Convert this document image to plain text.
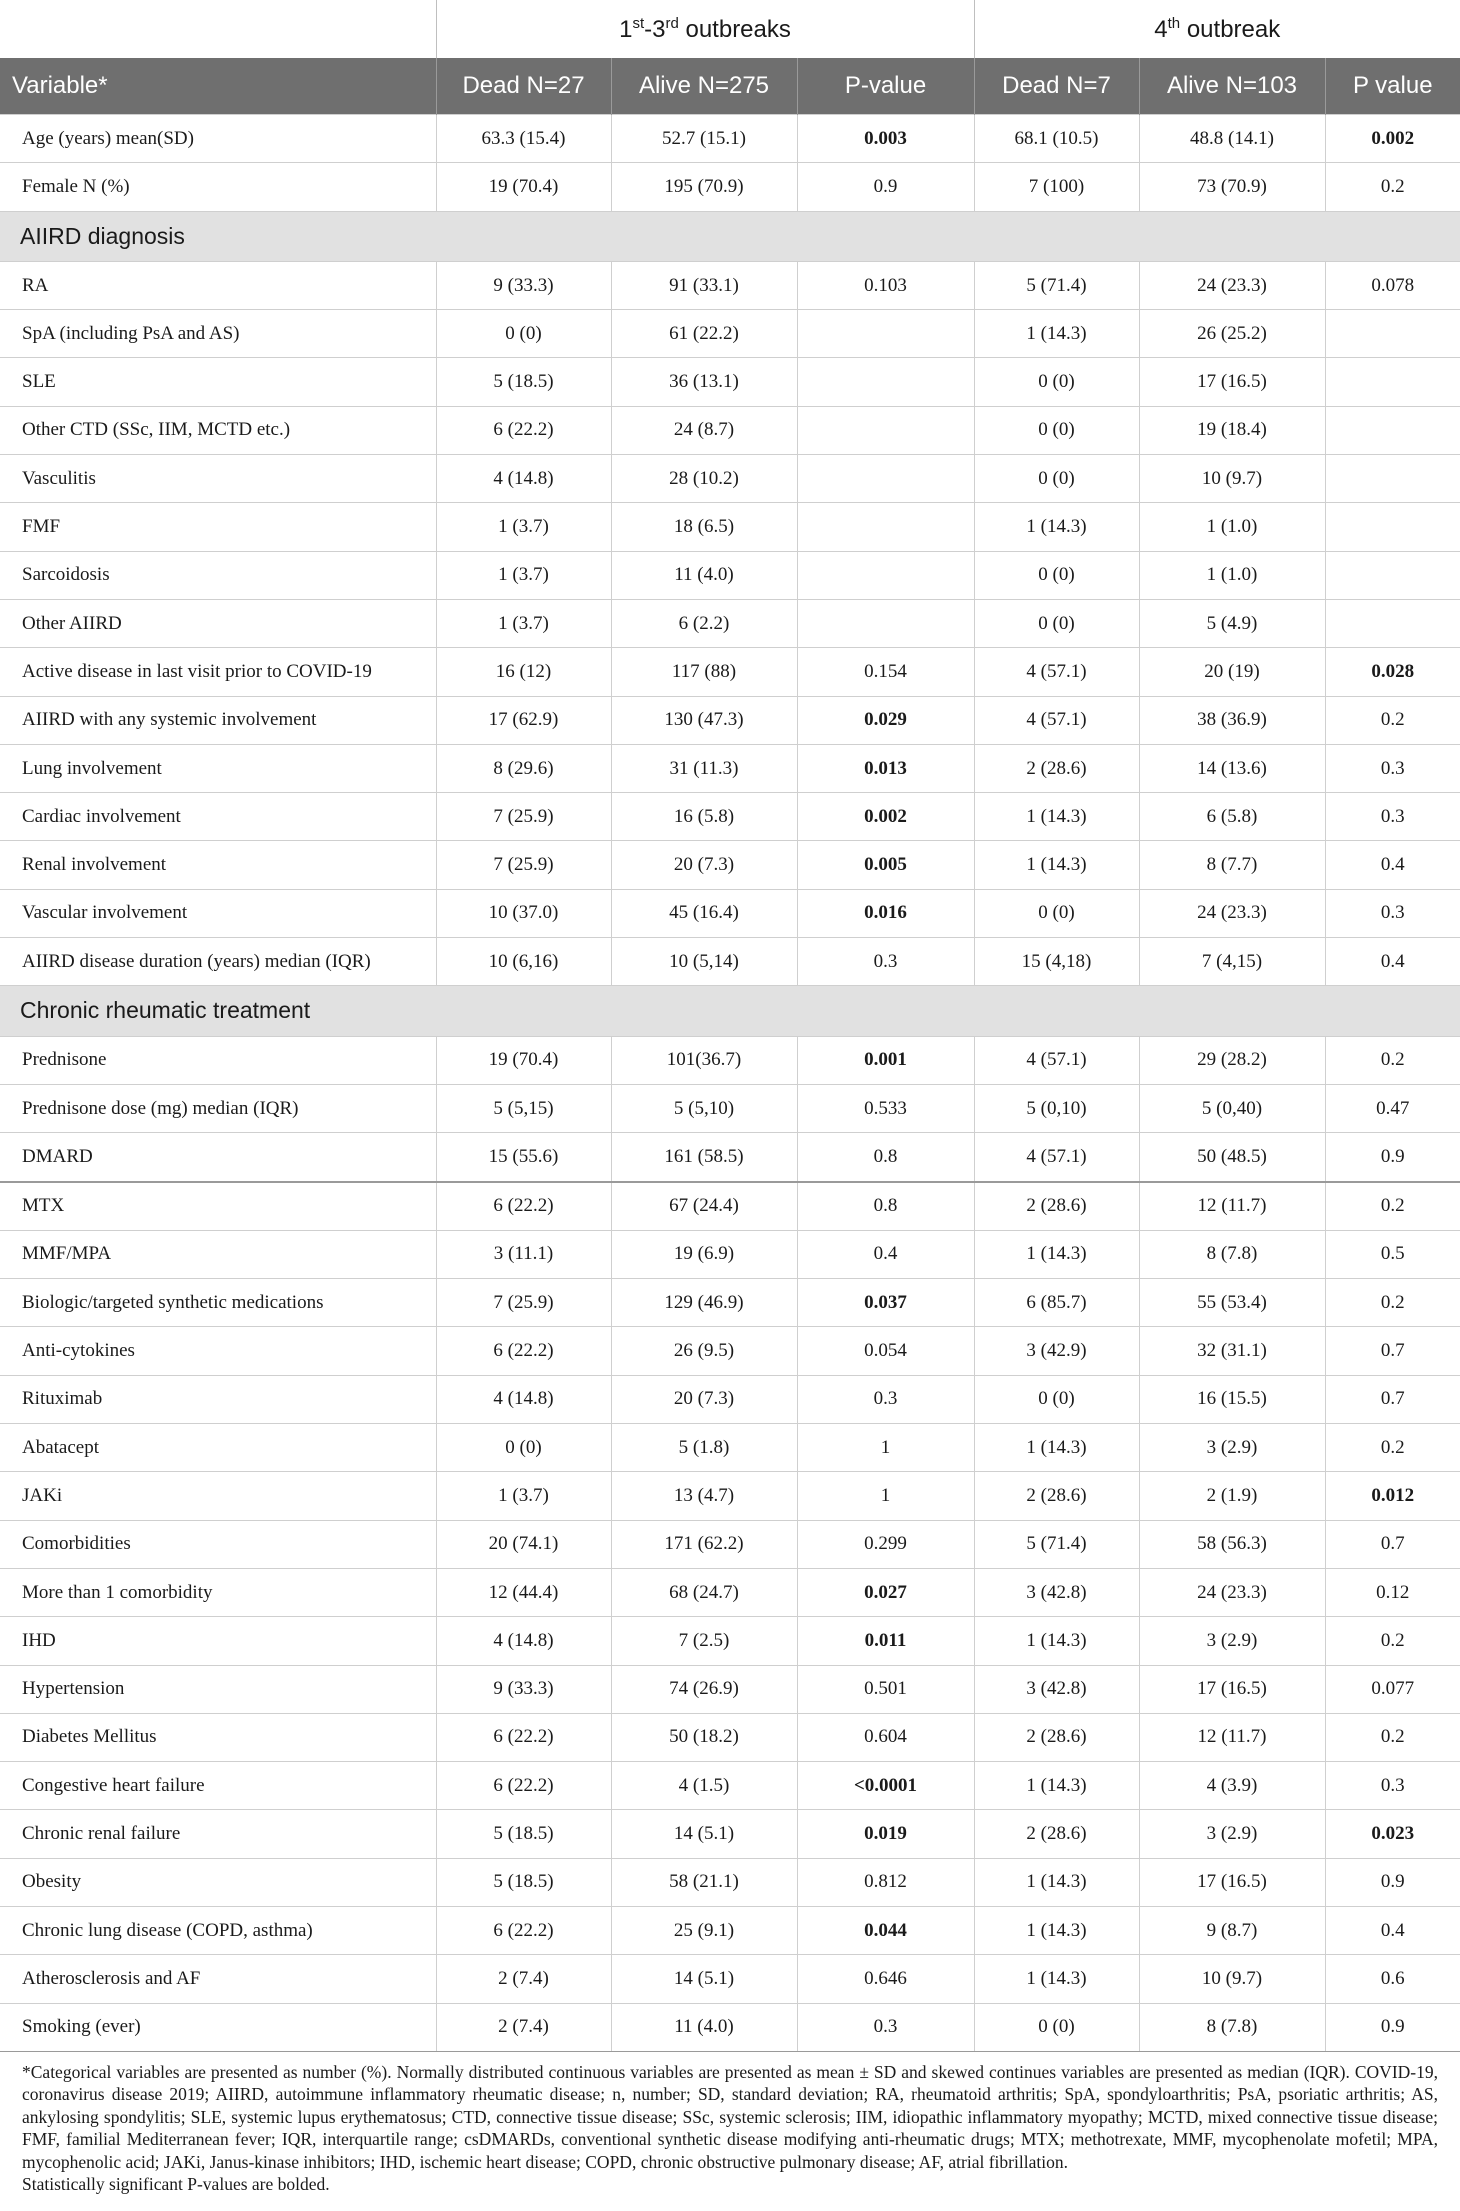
	1st-3rd outbreaks			4th outbreak		
Variable*	Dead N=27	Alive N=275	P-value	Dead N=7	Alive N=103	P value
Age (years) mean(SD)	63.3 (15.4)	52.7 (15.1)	0.003	68.1 (10.5)	48.8 (14.1)	0.002
Female N (%)	19 (70.4)	195 (70.9)	0.9	7 (100)	73 (70.9)	0.2
AIIRD diagnosis						
RA	9 (33.3)	91 (33.1)	0.103	5 (71.4)	24 (23.3)	0.078
SpA (including PsA and AS)	0 (0)	61 (22.2)		1 (14.3)	26 (25.2)	
SLE	5 (18.5)	36 (13.1)		0 (0)	17 (16.5)	
Other CTD (SSc, IIM, MCTD etc.)	6 (22.2)	24 (8.7)		0 (0)	19 (18.4)	
Vasculitis	4 (14.8)	28 (10.2)		0 (0)	10 (9.7)	
FMF	1 (3.7)	18 (6.5)		1 (14.3)	1 (1.0)	
Sarcoidosis	1 (3.7)	11 (4.0)		0 (0)	1 (1.0)	
Other AIIRD	1 (3.7)	6 (2.2)		0 (0)	5 (4.9)	
Active disease in last visit prior to COVID-19	16 (12)	117 (88)	0.154	4 (57.1)	20 (19)	0.028
AIIRD with any systemic involvement	17 (62.9)	130 (47.3)	0.029	4 (57.1)	38 (36.9)	0.2
Lung involvement	8 (29.6)	31 (11.3)	0.013	2 (28.6)	14 (13.6)	0.3
Cardiac involvement	7 (25.9)	16 (5.8)	0.002	1 (14.3)	6 (5.8)	0.3
Renal involvement	7 (25.9)	20 (7.3)	0.005	1 (14.3)	8 (7.7)	0.4
Vascular involvement	10 (37.0)	45 (16.4)	0.016	0 (0)	24 (23.3)	0.3
AIIRD disease duration (years) median (IQR)	10 (6,16)	10 (5,14)	0.3	15 (4,18)	7 (4,15)	0.4
Chronic rheumatic treatment						
Prednisone	19 (70.4)	101(36.7)	0.001	4 (57.1)	29 (28.2)	0.2
Prednisone dose (mg) median (IQR)	5 (5,15)	5 (5,10)	0.533	5 (0,10)	5 (0,40)	0.47
DMARD	15 (55.6)	161 (58.5)	0.8	4 (57.1)	50 (48.5)	0.9
MTX	6 (22.2)	67 (24.4)	0.8	2 (28.6)	12 (11.7)	0.2
MMF/MPA	3 (11.1)	19 (6.9)	0.4	1 (14.3)	8 (7.8)	0.5
Biologic/targeted synthetic medications	7 (25.9)	129 (46.9)	0.037	6 (85.7)	55 (53.4)	0.2
Anti-cytokines	6 (22.2)	26 (9.5)	0.054	3 (42.9)	32 (31.1)	0.7
Rituximab	4 (14.8)	20 (7.3)	0.3	0 (0)	16 (15.5)	0.7
Abatacept	0 (0)	5 (1.8)	1	1 (14.3)	3 (2.9)	0.2
JAKi	1 (3.7)	13 (4.7)	1	2 (28.6)	2 (1.9)	0.012
Comorbidities	20 (74.1)	171 (62.2)	0.299	5 (71.4)	58 (56.3)	0.7
More than 1 comorbidity	12 (44.4)	68 (24.7)	0.027	3 (42.8)	24 (23.3)	0.12
IHD	4 (14.8)	7 (2.5)	0.011	1 (14.3)	3 (2.9)	0.2
Hypertension	9 (33.3)	74 (26.9)	0.501	3 (42.8)	17 (16.5)	0.077
Diabetes Mellitus	6 (22.2)	50 (18.2)	0.604	2 (28.6)	12 (11.7)	0.2
Congestive heart failure	6 (22.2)	4 (1.5)	<0.0001	1 (14.3)	4 (3.9)	0.3
Chronic renal failure	5 (18.5)	14 (5.1)	0.019	2 (28.6)	3 (2.9)	0.023
Obesity	5 (18.5)	58 (21.1)	0.812	1 (14.3)	17 (16.5)	0.9
Chronic lung disease (COPD, asthma)	6 (22.2)	25 (9.1)	0.044	1 (14.3)	9 (8.7)	0.4
Atherosclerosis and AF	2 (7.4)	14 (5.1)	0.646	1 (14.3)	10 (9.7)	0.6
Smoking (ever)	2 (7.4)	11 (4.0)	0.3	0 (0)	8 (7.8)	0.9

*Categorical variables are presented as number (%). Normally distributed continuous variables are presented as mean ± SD and skewed continues variables are presented as median (IQR). COVID-19, coronavirus disease 2019; AIIRD, autoimmune inflammatory rheumatic disease; n, number; SD, standard deviation; RA, rheumatoid arthritis; SpA, spondyloarthritis; PsA, psoriatic arthritis; AS, ankylosing spondylitis; SLE, systemic lupus erythematosus; CTD, connective tissue disease; SSc, systemic sclerosis; IIM, idiopathic inflammatory myopathy; MCTD, mixed connective tissue disease; FMF, familial Mediterranean fever; IQR, interquartile range; csDMARDs, conventional synthetic disease modifying anti-rheumatic drugs; MTX; methotrexate, MMF, mycophenolate mofetil; MPA, mycophenolic acid; JAKi, Janus-kinase inhibitors; IHD, ischemic heart disease; COPD, chronic obstructive pulmonary disease; AF, atrial fibrillation.

Statistically significant P-values are bolded.
